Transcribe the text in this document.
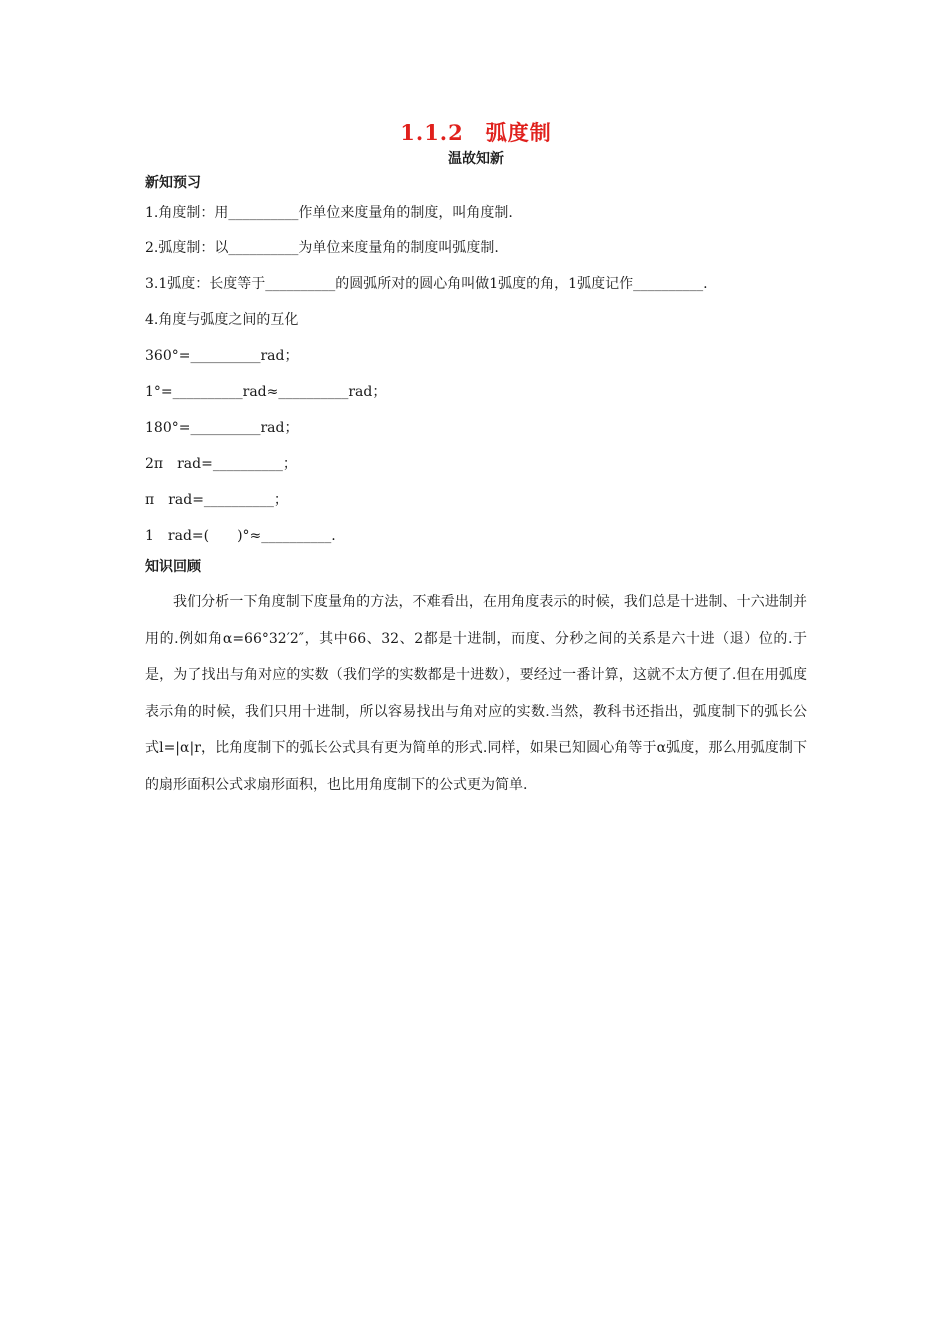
1.1.2　弧度制
温故知新
新知预习

1.角度制：用__________作单位来度量角的制度，叫角度制.

2.弧度制：以__________为单位来度量角的制度叫弧度制.

3.1弧度：长度等于__________的圆弧所对的圆心角叫做1弧度的角，1弧度记作__________.

4.角度与弧度之间的互化

360°=__________rad；

1°=__________rad≈__________rad；

180°=__________rad；

2π　rad=__________；

π　rad=__________；

1　rad=(　　)°≈__________.

知识回顾

我们分析一下角度制下度量角的方法，不难看出，在用角度表示的时候，我们总是十进制、十六进制并用的.例如角α=66°32′2″，其中66、32、2都是十进制，而度、分秒之间的关系是六十进（退）位的.于是，为了找出与角对应的实数（我们学的实数都是十进数），要经过一番计算，这就不太方便了.但在用弧度表示角的时候，我们只用十进制，所以容易找出与角对应的实数.当然，教科书还指出，弧度制下的弧长公式l=|α|r，比角度制下的弧长公式具有更为简单的形式.同样，如果已知圆心角等于α弧度，那么用弧度制下的扇形面积公式求扇形面积，也比用角度制下的公式更为简单.
